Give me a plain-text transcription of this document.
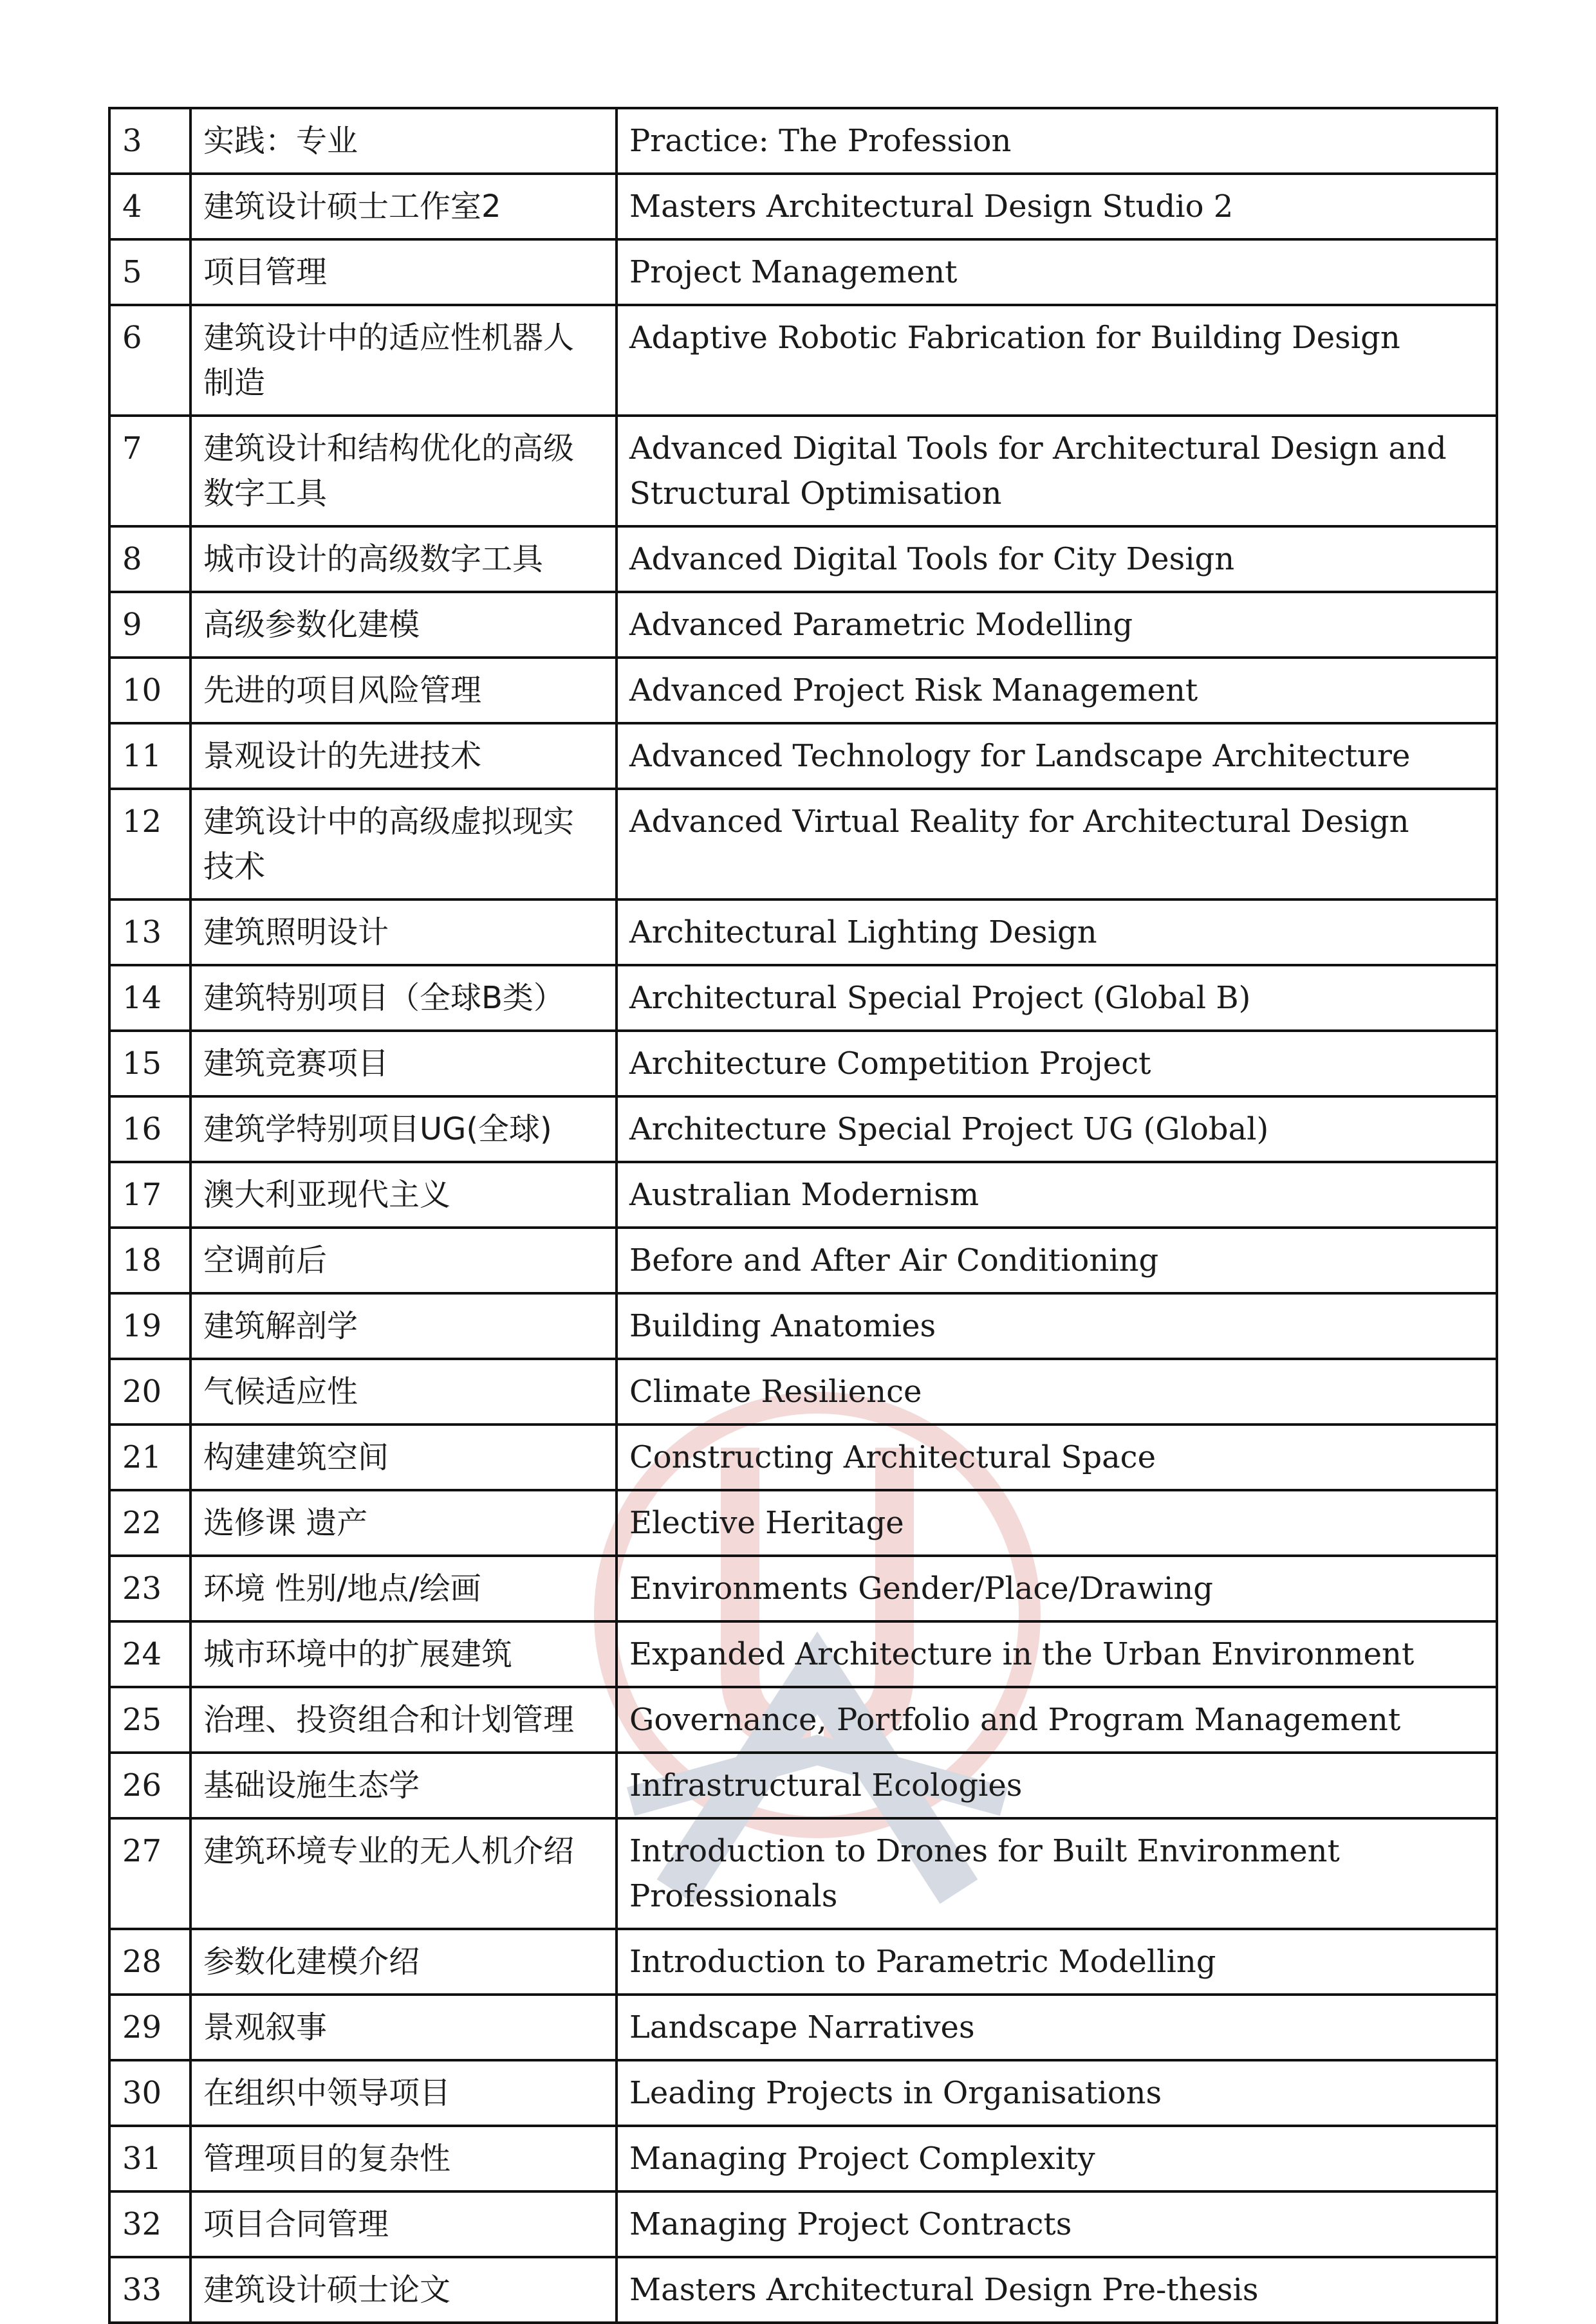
3	实践：专业	Practice: The Profession
4	建筑设计硕士工作室2	Masters Architectural Design Studio 2
5	项目管理	Project Management
6	建筑设计中的适应性机器人制造	Adaptive Robotic Fabrication for Building Design
7	建筑设计和结构优化的高级数字工具	Advanced Digital Tools for Architectural Design and Structural Optimisation
8	城市设计的高级数字工具	Advanced Digital Tools for City Design
9	高级参数化建模	Advanced Parametric Modelling
10	先进的项目风险管理	Advanced Project Risk Management
11	景观设计的先进技术	Advanced Technology for Landscape Architecture
12	建筑设计中的高级虚拟现实技术	Advanced Virtual Reality for Architectural Design
13	建筑照明设计	Architectural Lighting Design
14	建筑特别项目（全球B类）	Architectural Special Project (Global B)
15	建筑竞赛项目	Architecture Competition Project
16	建筑学特别项目UG(全球)	Architecture Special Project UG (Global)
17	澳大利亚现代主义	Australian Modernism
18	空调前后	Before and After Air Conditioning
19	建筑解剖学	Building Anatomies
20	气候适应性	Climate Resilience
21	构建建筑空间	Constructing Architectural Space
22	选修课 遗产	Elective Heritage
23	环境 性别/地点/绘画	Environments Gender/Place/Drawing
24	城市环境中的扩展建筑	Expanded Architecture in the Urban Environment
25	治理、投资组合和计划管理	Governance, Portfolio and Program Management
26	基础设施生态学	Infrastructural Ecologies
27	建筑环境专业的无人机介绍	Introduction to Drones for Built Environment Professionals
28	参数化建模介绍	Introduction to Parametric Modelling
29	景观叙事	Landscape Narratives
30	在组织中领导项目	Leading Projects in Organisations
31	管理项目的复杂性	Managing Project Complexity
32	项目合同管理	Managing Project Contracts
33	建筑设计硕士论文	Masters Architectural Design Pre-thesis
